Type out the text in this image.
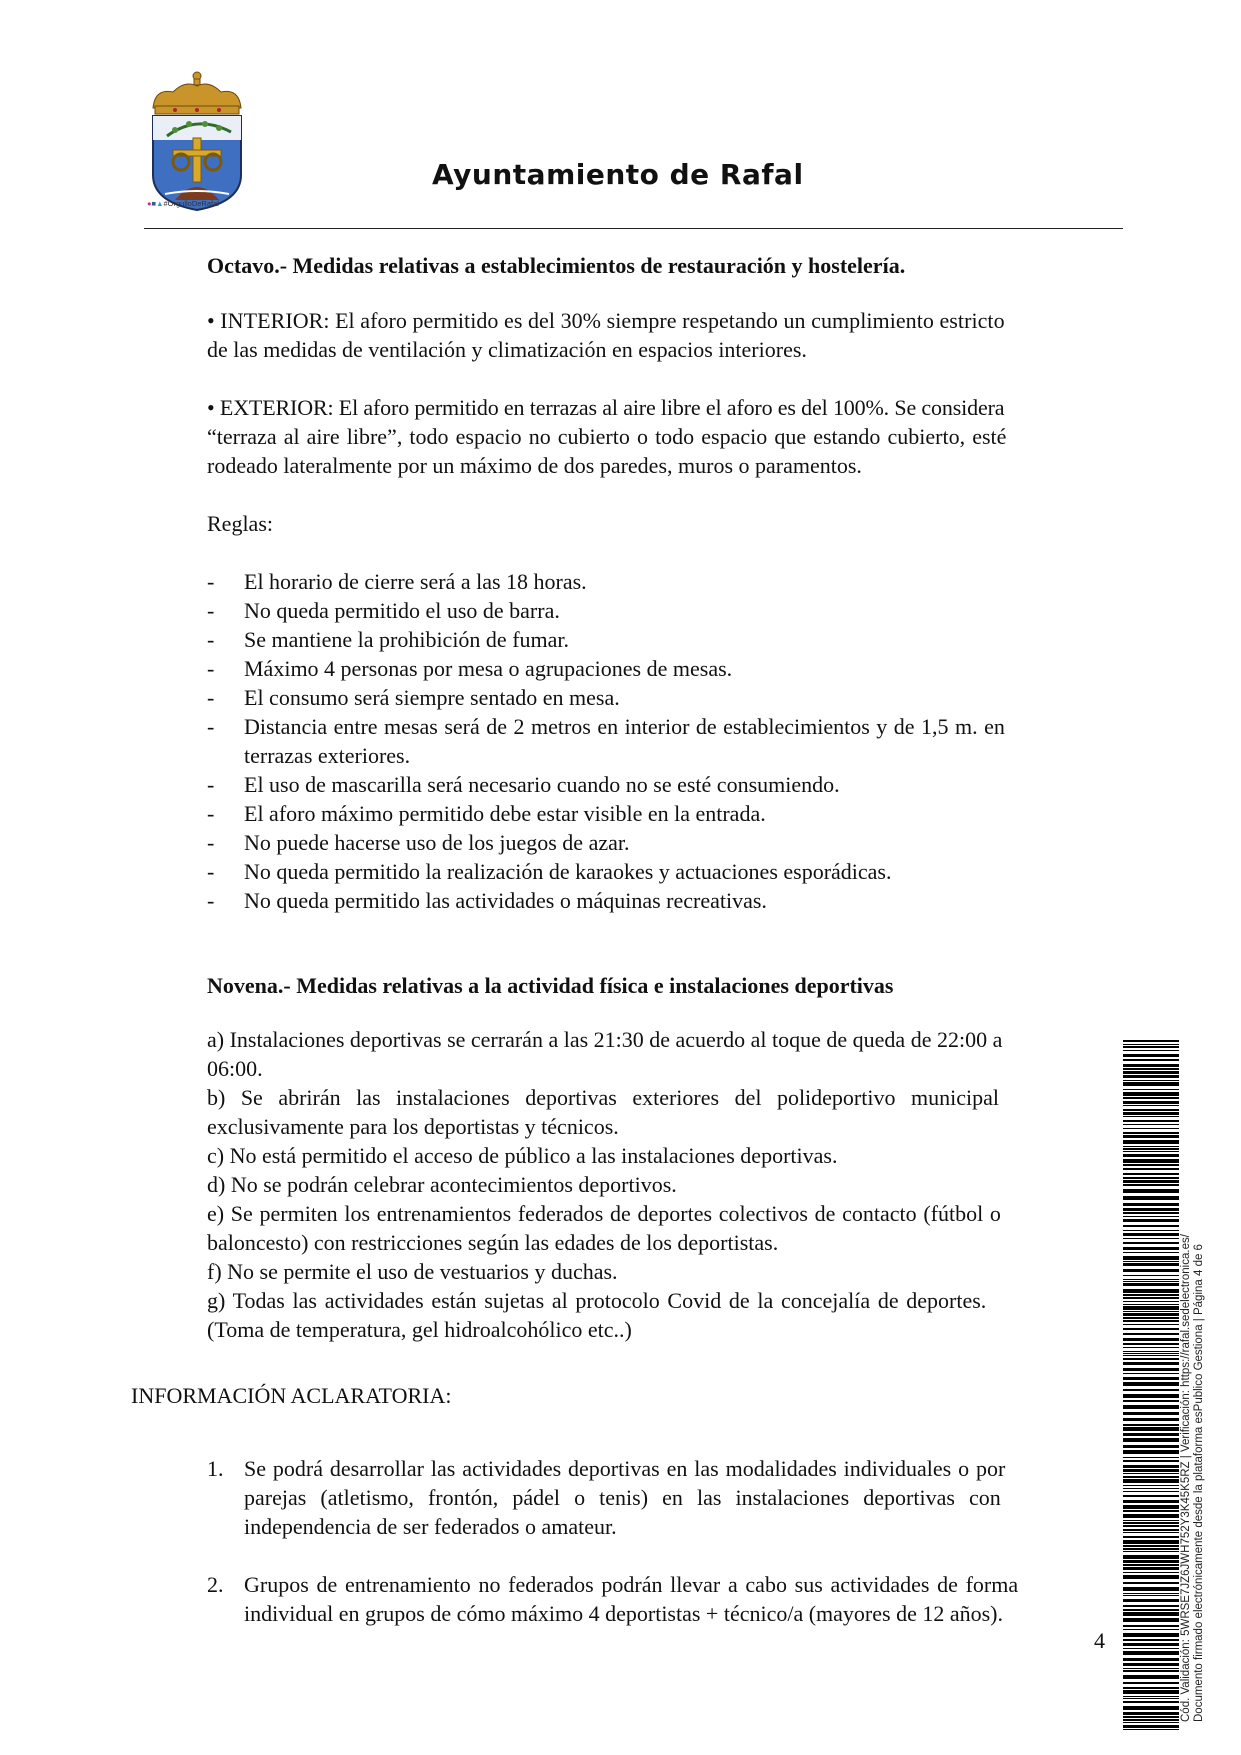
●■▲#OrgulloDeRafal
Ayuntamiento de Rafal
Octavo.- Medidas relativas a establecimientos de restauración y hostelería.
• INTERIOR: El aforo permitido es del 30% siempre respetando un cumplimiento estricto
de las medidas de ventilación y climatización en espacios interiores.
• EXTERIOR: El aforo permitido en terrazas al aire libre el aforo es del 100%. Se considera
“terraza al aire libre”, todo espacio no cubierto o todo espacio que estando cubierto, esté
rodeado lateralmente por un máximo de dos paredes, muros o paramentos.
Reglas:
- El horario de cierre será a las 18 horas.
- No queda permitido el uso de barra.
- Se mantiene la prohibición de fumar.
- Máximo 4 personas por mesa o agrupaciones de mesas.
- El consumo será siempre sentado en mesa.
- Distancia entre mesas será de 2 metros en interior de establecimientos y de 1,5 m. en
terrazas exteriores.
- El uso de mascarilla será necesario cuando no se esté consumiendo.
- El aforo máximo permitido debe estar visible en la entrada.
- No puede hacerse uso de los juegos de azar.
- No queda permitido la realización de karaokes y actuaciones esporádicas.
- No queda permitido las actividades o máquinas recreativas.
Novena.- Medidas relativas a la actividad física e instalaciones deportivas
a) Instalaciones deportivas se cerrarán a las 21:30 de acuerdo al toque de queda de 22:00 a
06:00.
b) Se abrirán las instalaciones deportivas exteriores del polideportivo municipal
exclusivamente para los deportistas y técnicos.
c) No está permitido el acceso de público a las instalaciones deportivas.
d) No se podrán celebrar acontecimientos deportivos.
e) Se permiten los entrenamientos federados de deportes colectivos de contacto (fútbol o
baloncesto) con restricciones según las edades de los deportistas.
f) No se permite el uso de vestuarios y duchas.
g) Todas las actividades están sujetas al protocolo Covid de la concejalía de deportes.
(Toma de temperatura, gel hidroalcohólico etc..)
INFORMACIÓN ACLARATORIA:
1. Se podrá desarrollar las actividades deportivas en las modalidades individuales o por
parejas (atletismo, frontón, pádel o tenis) en las instalaciones deportivas con
independencia de ser federados o amateur.
2. Grupos de entrenamiento no federados podrán llevar a cabo sus actividades de forma
individual en grupos de cómo máximo 4 deportistas + técnico/a (mayores de 12 años).
4	Cód. Validación: 5WRSE7JZ6JWH752Y3K45K5RZ | Verificación: https://rafal.sedelectronica.es/ Documento firmado electrónicamente desde la plataforma esPublico Gestiona | Página 4 de 6
